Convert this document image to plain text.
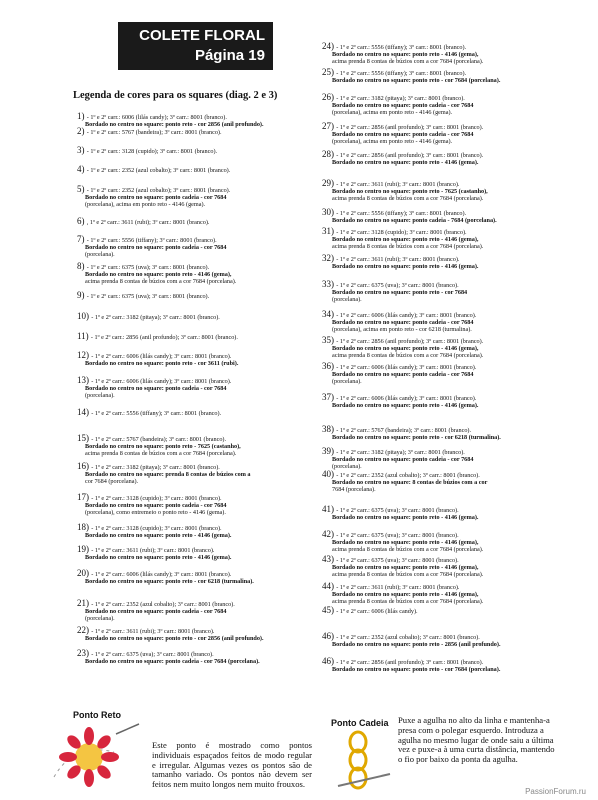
COLETE FLORAL
Página 19
Legenda de cores para os squares (diag. 2 e 3)
1) - 1º e 2º carr.: 6006 (lilás candy); 3º carr.: 8001 (branco).

Bordado no centro no square: ponto reto - cor 2856 (anil profundo).
2) - 1º e 2º carr.: 5767 (bandeira); 3º carr.: 8001 (branco).

3) - 1º e 2º carr.: 3128 (cupido); 3º carr.: 8001 (branco).

4) - 1º e 2º carr.: 2352 (azul cobalto); 3º carr.: 8001 (branco).

5) - 1º e 2º carr.: 2352 (azul cobalto); 3º carr.: 8001 (branco).

Bordado no centro no square: ponto cadeia - cor 7684
(porcelana), acima em ponto reto - 4146 (gema).
6) , 1º e 2º carr.: 3611 (rubi); 3º carr.: 8001 (branco).

7) - 1º e 2º carr.: 5556 (tiffany); 3º carr.: 8001 (branco).

Bordado no centro no square: ponto cadeia - cor 7684
(porcelana).
8) - 1º e 2º carr.: 6375 (uva); 3º carr.: 8001 (branco).

Bordado no centro no square: ponto reto - 4146 (gema),
acima prenda 8 contas de búzios com a cor 7684 (porcelana).
9) - 1º e 2º carr.: 6375 (uva); 3º carr.: 8001 (branco).

10) - 1º e 2º carr.: 3182 (pitaya); 3º carr.: 8001 (branco).

11) - 1º e 2º carr.: 2856 (anil profundo); 3º carr.: 8001 (branco).

12) - 1º e 2º carr.: 6006 (lilás candy); 3º carr.: 8001 (branco).

Bordado no centro no square: ponto reto - cor 3611 (rubi).
13) - 1º e 2º carr.: 6006 (lilás candy); 3º carr.: 8001 (branco).

Bordado no centro no square: ponto cadeia - cor 7684
(porcelana).
14) - 1º e 2º carr.: 5556 (tiffany); 3º carr.: 8001 (branco).

15) - 1º e 2º carr.: 5767 (bandeira); 3º carr.: 8001 (branco).

Bordado no centro no square: ponto reto - 7625 (castanho),
acima prenda 8 contas de búzios com a cor 7684 (porcelana).
16) - 1º e 2º carr.: 3182 (pitaya); 3º carr.: 8001 (branco).

Bordado no centro no square: prenda 8 contas de búzios com a
cor 7684 (porcelana).
17) - 1º e 2º carr.: 3128 (cupido); 3º carr.: 8001 (branco).

Bordado no centro no square: ponto cadeia - cor 7684
(porcelana), como entremeio o ponto reto - 4146 (gema).
18) - 1º e 2º carr.: 3128 (cupido); 3º carr.: 8001 (branco).

Bordado no centro no square: ponto reto - 4146 (gema).
19) - 1º e 2º carr.: 3611 (rubi); 3º carr.: 8001 (branco).

Bordado no centro no square: ponto reto - 4146 (gema).
20) - 1º e 2º carr.: 6006 (lilás candy); 3º carr.: 8001 (branco).

Bordado no centro no square: ponto reto - cor 6218 (turmalina).
21) - 1º e 2º carr.: 2352 (azul cobalto); 3º carr.: 8001 (branco).

Bordado no centro no square: ponto cadeia - cor 7684
(porcelana).
22) - 1º e 2º carr.: 3611 (rubi); 3º carr.: 8001 (branco).

Bordado no centro no square: ponto reto - cor 2856 (anil profundo).
23) - 1º e 2º carr.: 6375 (uva); 3º carr.: 8001 (branco).

Bordado no centro no square: ponto cadeia - cor 7684 (porcelana).
24) - 1º e 2º carr.: 5556 (tiffany); 3º carr.: 8001 (branco).

Bordado no centro no square: ponto reto - 4146 (gema),
acima prenda 8 contas de búzios com a cor 7684 (porcelana).
25) - 1º e 2º carr.: 5556 (tiffany); 3º carr.: 8001 (branco).

Bordado no centro no square: ponto reto - cor 7684 (porcelana).
26) - 1º e 2º carr.: 3182 (pitaya); 3º carr.: 8001 (branco).

Bordado no centro no square: ponto cadeia - cor 7684
(porcelana), acima em ponto reto - 4146 (gema).
27) - 1º e 2º carr.: 2856 (anil profundo); 3º carr.: 8001 (branco).

Bordado no centro no square: ponto cadeia - cor 7684
(porcelana), acima em ponto reto - 4146 (gema).
28) - 1º e 2º carr.: 2856 (anil profundo); 3º carr.: 8001 (branco).

Bordado no centro no square: ponto reto - 4146 (gema).
29) - 1º e 2º carr.: 3611 (rubi); 3º carr.: 8001 (branco).

Bordado no centro no square: ponto reto - 7625 (castanho),
acima prenda 8 contas de búzios com a cor 7684 (porcelana).
30) - 1º e 2º carr.: 5556 (tiffany); 3º carr.: 8001 (branco).

Bordado no centro no square: ponto cadeia - 7684 (porcelana).
31) - 1º e 2º carr.: 3128 (cupido); 3º carr.: 8001 (branco).

Bordado no centro no square: ponto reto - 4146 (gema),
acima prenda 8 contas de búzios com a cor 7684 (porcelana).
32) - 1º e 2º carr.: 3611 (rubi); 3º carr.: 8001 (branco).

Bordado no centro no square: ponto reto - 4146 (gema).
33) - 1º e 2º carr.: 6375 (uva); 3º carr.: 8001 (branco).

Bordado no centro no square: ponto reto - cor 7684
(porcelana).
34) - 1º e 2º carr.: 6006 (lilás candy); 3º carr.: 8001 (branco).

Bordado no centro no square: ponto cadeia - cor 7684
(porcelana), acima em ponto reto - cor 6218 (turmalina).
35) - 1º e 2º carr.: 2856 (anil profundo); 3º carr.: 8001 (branco).

Bordado no centro no square: ponto reto - 4146 (gema),
acima prenda 8 contas de búzios com a cor 7684 (porcelana).
36) - 1º e 2º carr.: 6006 (lilás candy); 3º carr.: 8001 (branco).

Bordado no centro no square: ponto cadeia - cor 7684
(porcelana).
37) - 1º e 2º carr.: 6006 (lilás candy); 3º carr.: 8001 (branco).

Bordado no centro no square: ponto reto - 4146 (gema).
38) - 1º e 2º carr.: 5767 (bandeira); 3º carr.: 8001 (branco).

Bordado no centro no square: ponto reto - cor 6218 (turmalina).
39) - 1º e 2º carr.: 3182 (pitaya); 3º carr.: 8001 (branco).

Bordado no centro no square: ponto cadeia - cor 7684
(porcelana).
40) - 1º e 2º carr.: 2352 (azul cobalto); 3º carr.: 8001 (branco).

Bordado no centro no square: 8 contas de búzios com a cor
7684 (porcelana).
41) - 1º e 2º carr.: 6375 (uva); 3º carr.: 8001 (branco).

Bordado no centro no square: ponto reto - 4146 (gema).
42) - 1º e 2º carr.: 6375 (uva); 3º carr.: 8001 (branco).

Bordado no centro no square: ponto reto - 4146 (gema),
acima prenda 8 contas de búzios com a cor 7684 (porcelana).
43) - 1º e 2º carr.: 6375 (uva); 3º carr.: 8001 (branco).

Bordado no centro no square: ponto reto - 4146 (gema),
acima prenda 8 contas de búzios com a cor 7684 (porcelana).
44) - 1º e 2º carr.: 3611 (rubi); 3º carr.: 8001 (branco).

Bordado no centro no square: ponto reto - 4146 (gema),
acima prenda 8 contas de búzios com a cor 7684 (porcelana).
45) - 1º e 2º carr.: 6006 (lilás candy).

46) - 1º e 2º carr.: 2352 (azul cobalto); 3º carr.: 8001 (branco).

Bordado no centro no square: ponto reto - 2856 (anil profundo).
46) - 1º e 2º carr.: 2856 (anil profundo); 3º carr.: 8001 (branco).

Bordado no centro no square: ponto reto - cor 7684 (porcelana).
Ponto Reto
Este ponto é mostrado como pontos individuais espaçados feitos de modo regular e irregular. Algumas vezes os pontos são de tamanho variado. Os pontos não devem ser feitos nem muito longos nem muito frouxos.
Ponto Cadeia Puxe a agulha no alto da linha e mantenha-a presa com o polegar esquerdo. Introduza a agulha no mesmo lugar de onde saiu a última vez e puxe-a à uma curta distância, mantendo o fio por baixo da ponta da agulha.
PassionForum.ru
